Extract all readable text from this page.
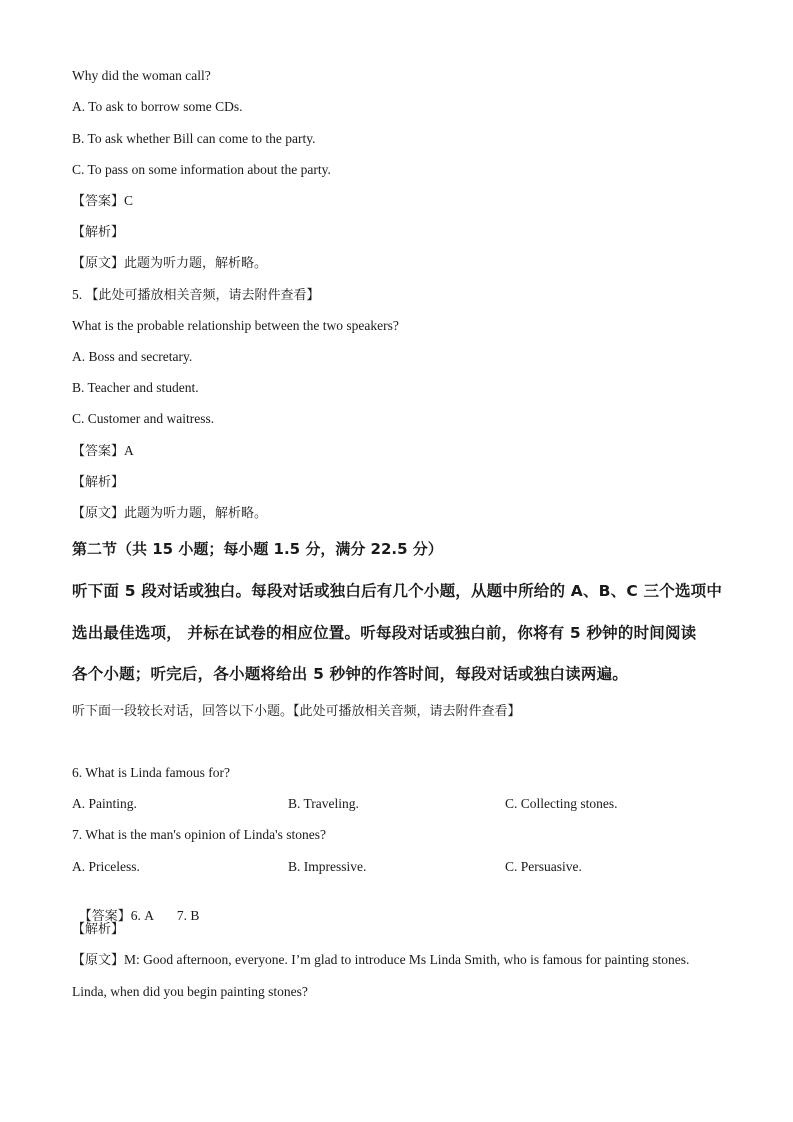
Why did the woman call?
A. To ask to borrow some CDs.
B. To ask whether Bill can come to the party.
C. To pass on some information about the party.
【答案】C
【解析】
【原文】此题为听力题，解析略。
5. 【此处可播放相关音频，请去附件查看】
What is the probable relationship between the two speakers?
A. Boss and secretary.
B. Teacher and student.
C. Customer and waitress.
【答案】A
【解析】
【原文】此题为听力题，解析略。
第二节（共 15 小题；每小题 1.5 分，满分 22.5 分）
听下面 5 段对话或独白。每段对话或独白后有几个小题，从题中所给的 A、B、C 三个选项中
选出最佳选项， 并标在试卷的相应位置。听每段对话或独白前，你将有 5 秒钟的时间阅读
各个小题；听完后，各小题将给出 5 秒钟的作答时间，每段对话或独白读两遍。
听下面一段较长对话，回答以下小题。【此处可播放相关音频，请去附件查看】
6. What is Linda famous for?
A. Painting.	B. Traveling.	C. Collecting stones.
7. What is the man's opinion of Linda's stones?
A. Priceless.	B. Impressive.	C. Persuasive.

【答案】6. A       7. B

【解析】
【原文】M: Good afternoon, everyone. I’m glad to introduce Ms Linda Smith, who is famous for painting stones.
Linda, when did you begin painting stones?
